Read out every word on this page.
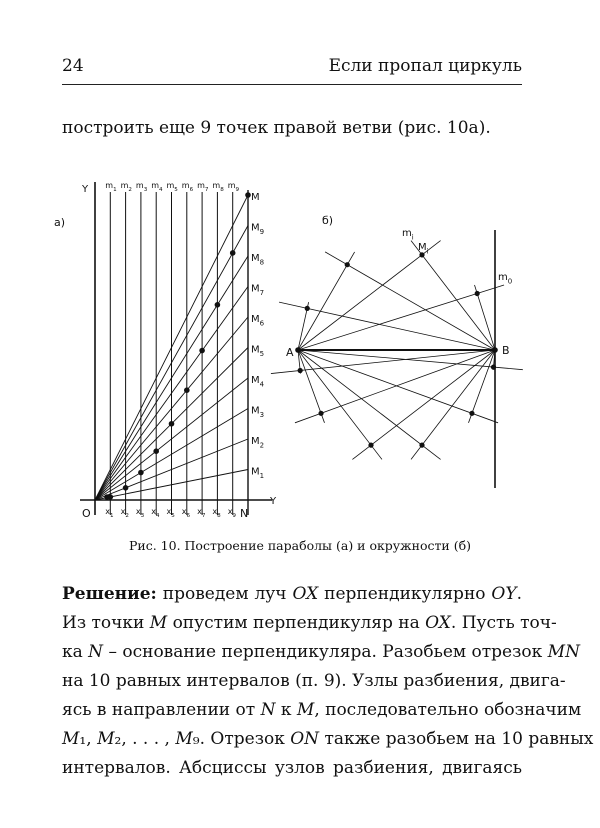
24	Если пропал циркуль
построить еще 9 точек правой ветви (рис. 10а).
а)
Y
O
Y
N
$m_1$ $m_2$ $m_3$ $m_4$ $m_5$ $m_6$ $m_7$ $m_8$ $m_9$
$x_1$ $x_2$ $x_3$ $x_4$ $x_5$ $x_6$ $x_7$ $x_8$ $x_9$
M
$M_9$
$M_8$
$M_7$
$M_6$
$M_5$
$M_4$
$M_3$
$M_2$
$M_1$
б)
$m_0$
A	B
$m_i$
$M_i$
Рис. 10. Построение параболы (а) и окружности (б)
Решение: проведем луч OX перпендикулярно OY.
Из точки M опустим перпендикуляр на OX. Пусть точ-
ка N – основание перпендикуляра. Разобьем отрезок MN
на 10 равных интервалов (п. 9). Узлы разбиения, двига-
ясь в направлении от N к M, последовательно обозначим
M₁, M₂, . . . , M₉. Отрезок ON также разобьем на 10 равных
интервалов. Абсциссы узлов разбиения, двигаясь
